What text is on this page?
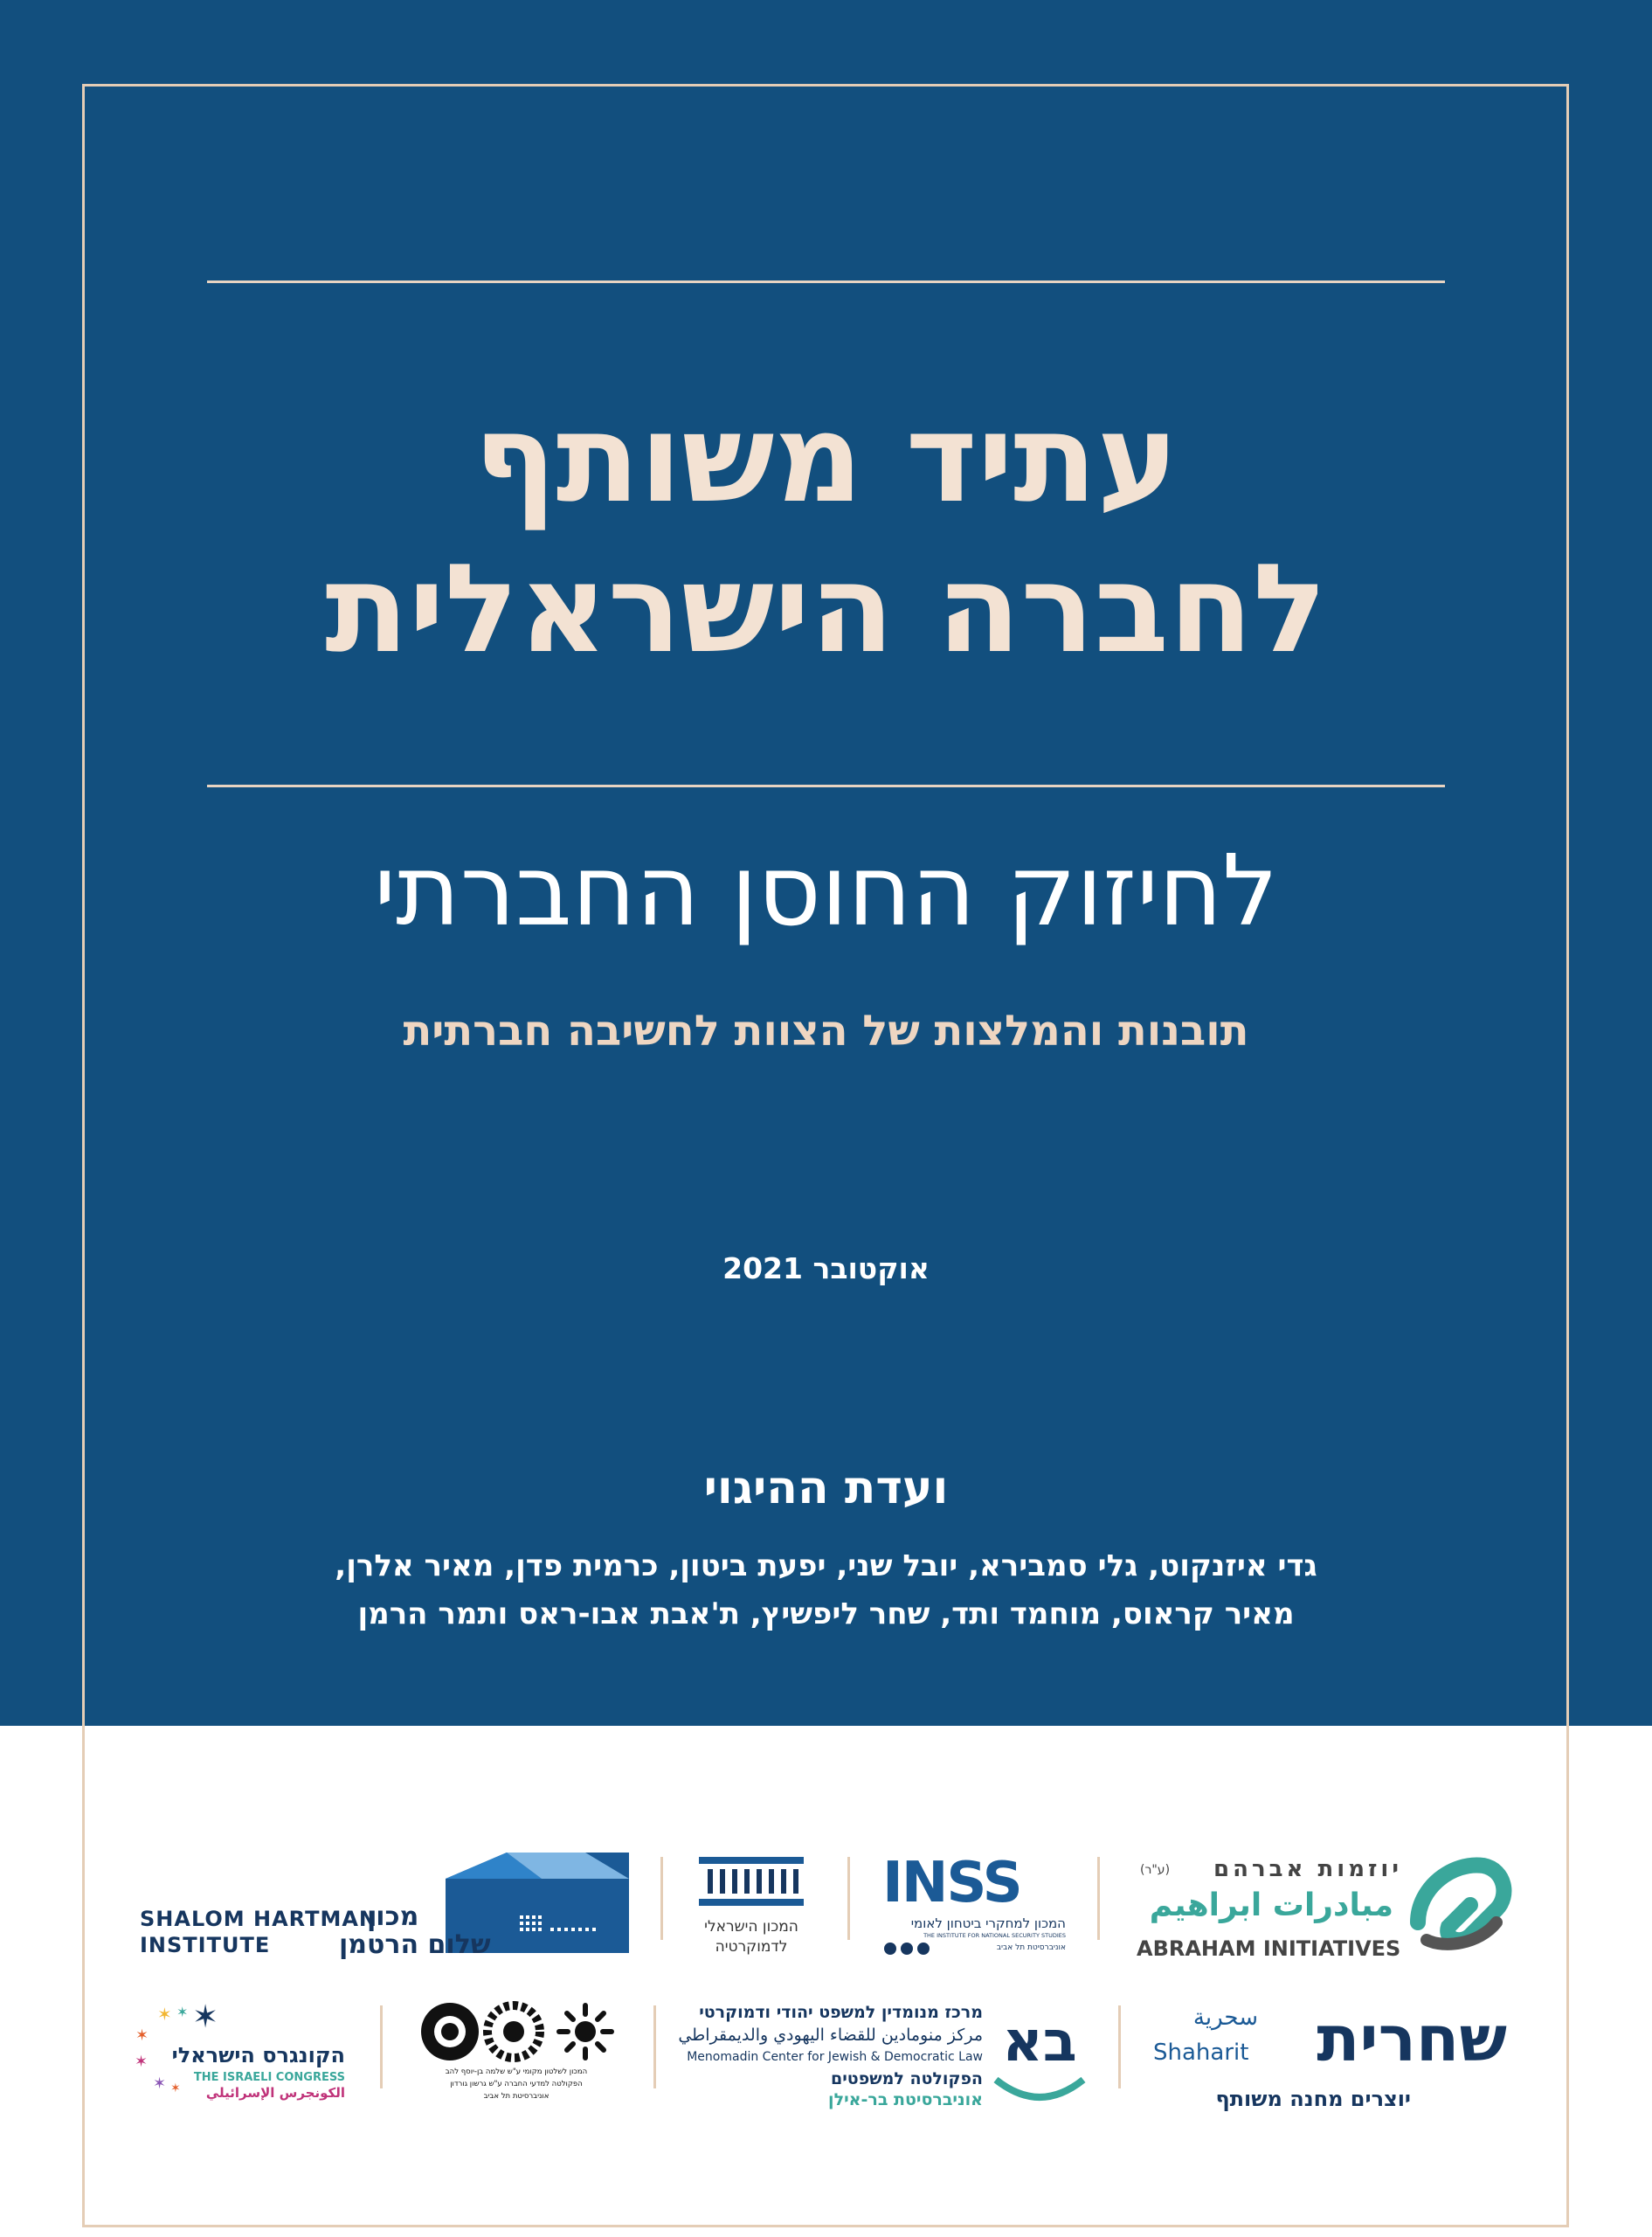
עתיד משותף
לחברה הישראלית
לחיזוק החוסן החברתי
תובנות והמלצות של הצוות לחשיבה חברתית
אוקטובר 2021
ועדת ההיגוי
גדי איזנקוט, גלי סמבירא, יובל שני, יפעת ביטון, כרמית פדן, מאיר אלרן,
מאיר קראוס, מוחמד ותד, שחר ליפשיץ, ת'אבת אבו-ראס ותמר הרמן
SHALOM HARTMAN
INSTITUTE
מכון
שלום הרטמן
המכון הישראלי
לדמוקרטיה
INSS
המכון למחקרי ביטחון לאומי
THE INSTITUTE FOR NATIONAL SECURITY STUDIES
אוניברסיטת תל אביב
יוזמות אברהם
(ע"ר)
مبادرات ابراهيم
ABRAHAM INITIATIVES
✶
✶ ✶
✶
✶
✶ ✶
הקונגרס הישראלי
THE ISRAELI CONGRESS
الكونجرس الإسرائيلي
המכון לשלטון מקומי ע"ש שלמה בן-יוסף להב
הפקולטה למדעי החברה ע"ש גרשון גורדון
אוניברסיטת תל אביב
מרכז מנומדין למשפט יהודי ודמוקרטי
مركز منومادين للقضاء اليهودي والديمقراطي
Menomadin Center for Jewish & Democratic Law
הפקולטה למשפטים
אוניברסיטת בר-אילן
בא	שחרית
سحرية
Shaharit
יוצרים מחנה משותף
